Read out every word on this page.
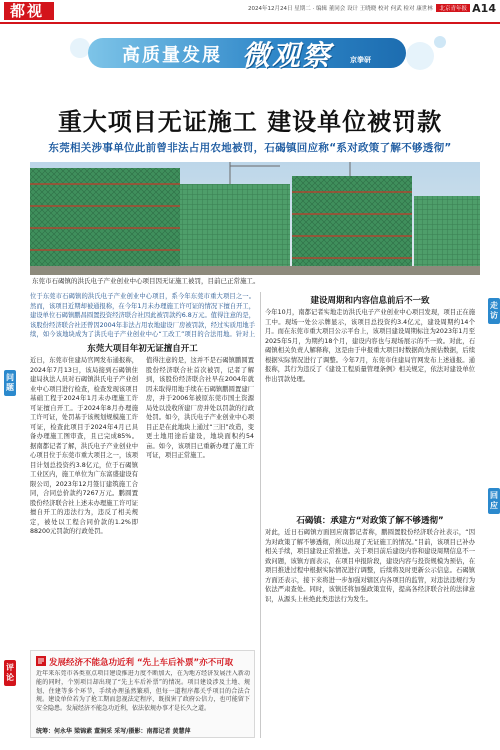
都视	2024年12月24日 星期二 · 编辑 董同会 设计 王晓晓 校对 何武 检对 康世林 北京青年报 A14
高质量发展 微观察	京拳研
重大项目无证施工 建设单位被罚款
东莞相关涉事单位此前曾非法占用农地被罚，石碣镇回应称“系对政策了解不够透彻”
东莞市石碣镇的洪氏电子产业创业中心项目因无证施工被罚，目前已正常施工。
走访
回应
问题
评论
位于东莞市石碣镇的洪氏电子产业创业中心项目，系今年东莞市重大项目之一。然而，该项目近期却被通报称，在今年1月未办理施工许可证的情况下擅自开工，建设单位石碣镇鹏昌圆置投资经济联合社因此被罚款约6.8万元。值得注意的是，该股份经济联合社还曾因2004年非法占用农地建设厂房被罚款，经过实质用地手续，如今该地块成为了洪氏电子产业创业中心“工改工”项目的合法用地。针对上
东莞大项目年初无证擅自开工
近日，东莞市住建局官网发布通报称，2024年7月13日，该局接到石碣镇住建局执法人员对石碣镇洪氏电子产业创业中心项目进行检查，检查发现该项目基础工程于2024年1月未办理施工许可证擅自开工。于2024年8月办理施工许可证，处罚基于该规划规模施工许可证，检查此项目于2024年4月已具备办理施工图审查，且已完成85%。据南都记者了解，洪氏电子产业创业中心项目位于东莞市重大项目之一，该项目计划总投资约3.8亿元，位于石碣镇工业区内，施工单位为广东富盛建设有限公司，2023年12月签订建筑施工合同，合同总价款约7267万元。鹏圆置股份经济联合社上述未办理施工许可证擅自开工的违法行为，违反了相关规定，被处以工程合同价款的1.2%即88200元罚款的行政处罚。
值得注意的是，这并不是石碣镇鹏圆置股份经济联合社首次被罚，记者了解到，该股份经济联合社早在2004年就因未取得用地手续在石碣镇鹏圆置建厂房，并于2006年被原东莞市国土资源局处以没收所建厂房并处以罚款的行政处罚。如今，洪氏电子产业创业中心项目正是在此地块上通过“三旧”改造，变更土地用途后建设，地块面积约54亩。如今，该项目已重新办理了施工许可证，项目正常施工。
建设周期和内容信息前后不一致
今年10月，南都记者实地走访洪氏电子产业创业中心项目发现，项目正在施工中。现场一处公示牌显示，该项目总投资约3.4亿元，建设周期约14个月。而在东莞市重大项目公示平台上，该项目建设周期标注为2023年1月至2025年5月，为期约18个月，建设内容也与现场展示的不一致。对此，石碣镇相关负责人解释称，这是由于申报重大项目时数据尚为预估数据，后续根据实际情况进行了调整。今年7月，东莞市住建局官网发布上述通报。通报称，其行为违反了《建设工程质量管理条例》相关规定，依法对建设单位作出罚款处理。
石碣镇：承建方“对政策了解不够透彻”
对此，近日石碣镇方面回应南都记者称，鹏圆置股份经济联合社表示，“因为对政策了解不够透彻，所以出现了无证施工的情况。”目前，该项目已补办相关手续，项目建设正常推进。关于项目前后建设内容和建设周期信息不一致问题，该镇方面表示，在项目申报阶段，建设内容与投资规模为预估，在项目推进过程中根据实际情况进行调整，后续将及时更新公示信息。石碣镇方面还表示，接下来将进一步加强对辖区内各项目的监管，对违法违规行为依法严肃查处。同时，该镇还将加强政策宣传，提高各经济联合社的法律意识，从源头上杜绝此类违法行为发生。
发展经济不能急功近利 “先上车后补票”亦不可取
近年来东莞市各类重点项目建设推进力度不断加大，在为地方经济发展注入新动能的同时，个别项目却出现了“先上车后补票”的情况。项目建设涉及土地、规划、住建等多个环节，手续办理虽然繁琐，但每一道程序都关乎项目的合法合规。建设单位若为了抢工期而忽视法定程序，既损害了政府公信力，也可能留下安全隐患。发展经济不能急功近利，依法依规办事才是长久之道。
统筹：何永华 梁锦素 董润采 采写/摄影：南都记者 黄慧萍
